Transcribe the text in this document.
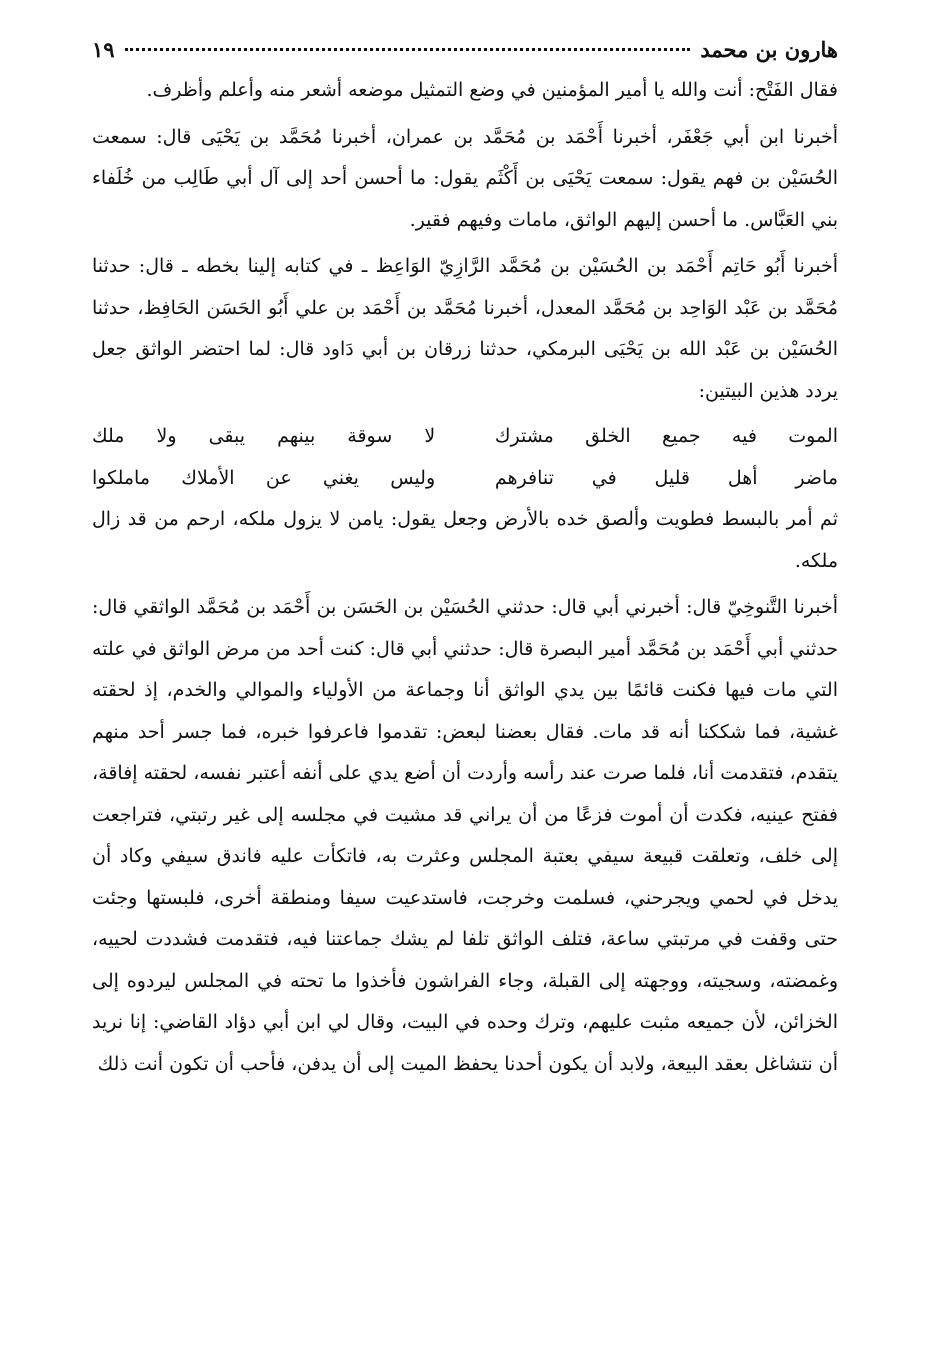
هارون بن محمد
١٩

فقال الفَتْح: أنت والله يا أمير المؤمنين في وضع التمثيل موضعه أشعر منه وأعلم وأظرف.

أخبرنا ابن أبي جَعْفَر، أخبرنا أَحْمَد بن مُحَمَّد بن عمران، أخبرنا مُحَمَّد بن يَحْيَى قال: سمعت الحُسَيْن بن فهم يقول: سمعت يَحْيَى بن أَكْثَم يقول: ما أحسن أحد إلى آل أبي طَالِب من خُلَفاء بني العَبَّاس. ما أحسن إليهم الواثق، مامات وفيهم فقير.

أخبرنا أَبُو حَاتِم أَحْمَد بن الحُسَيْن بن مُحَمَّد الرَّازِيّ الوَاعِظ ـ في كتابه إلينا بخطه ـ قال: حدثنا مُحَمَّد بن عَبْد الوَاحِد بن مُحَمَّد المعدل، أخبرنا مُحَمَّد بن أَحْمَد بن علي أَبُو الحَسَن الحَافِظ، حدثنا الحُسَيْن بن عَبْد الله بن يَحْيَى البرمكي، حدثنا زرقان بن أبي دَاود قال: لما احتضر الواثق جعل يردد هذين البيتين:

الموت فيه جميع الخلق مشترك
لا سوقة بينهم يبقى ولا ملك
ماضر أهل قليل في تنافرهم
وليس يغني عن الأملاك ماملكوا

ثم أمر بالبسط فطويت وألصق خده بالأرض وجعل يقول: يامن لا يزول ملكه، ارحم من قد زال ملكه.

أخبرنا التَّنوخِيّ قال: أخبرني أبي قال: حدثني الحُسَيْن بن الحَسَن بن أَحْمَد بن مُحَمَّد الواثقي قال: حدثني أبي أَحْمَد بن مُحَمَّد أمير البصرة قال: حدثني أبي قال: كنت أحد من مرض الواثق في علته التي مات فيها فكنت قائمًا بين يدي الواثق أنا وجماعة من الأولياء والموالي والخدم، إذ لحقته غشية، فما شككنا أنه قد مات. فقال بعضنا لبعض: تقدموا فاعرفوا خبره، فما جسر أحد منهم يتقدم، فتقدمت أنا، فلما صرت عند رأسه وأردت أن أضع يدي على أنفه أعتبر نفسه، لحقته إفاقة، ففتح عينيه، فكدت أن أموت فزعًا من أن يراني قد مشيت في مجلسه إلى غير رتبتي، فتراجعت إلى خلف، وتعلقت قبيعة سيفي بعتبة المجلس وعثرت به، فاتكأت عليه فاندق سيفي وكاد أن يدخل في لحمي ويجرحني، فسلمت وخرجت، فاستدعيت سيفا ومنطقة أخرى، فلبستها وجئت حتى وقفت في مرتبتي ساعة، فتلف الواثق تلفا لم يشك جماعتنا فيه، فتقدمت فشددت لحييه، وغمضته، وسجيته، ووجهته إلى القبلة، وجاء الفراشون فأخذوا ما تحته في المجلس ليردوه إلى الخزائن، لأن جميعه مثبت عليهم، وترك وحده في البيت، وقال لي ابن أبي دؤاد القاضي: إنا نريد أن نتشاغل بعقد البيعة، ولابد أن يكون أحدنا يحفظ الميت إلى أن يدفن، فأحب أن تكون أنت ذلك
